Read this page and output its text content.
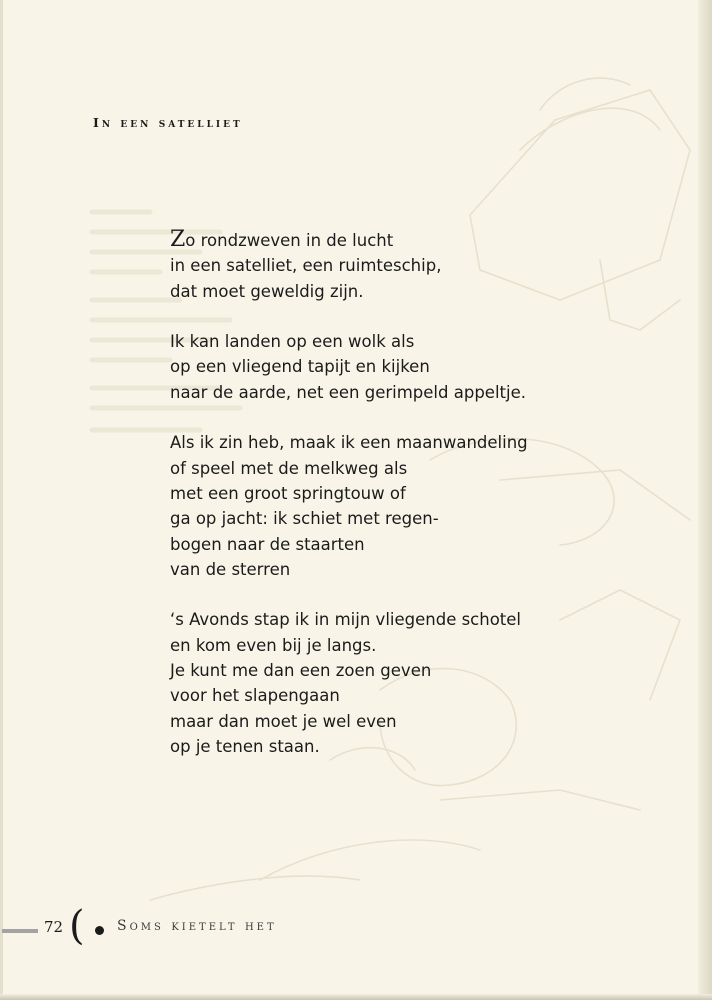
In een satelliet

Zo rondzweven in de lucht
in een satelliet, een ruimteschip,
dat moet geweldig zijn.

Ik kan landen op een wolk als
op een vliegend tapijt en kijken
naar de aarde, net een gerimpeld appeltje.

Als ik zin heb, maak ik een maanwandeling
of speel met de melkweg als
met een groot springtouw of
ga op jacht: ik schiet met regen-
bogen naar de staarten
van de sterren

‘s Avonds stap ik in mijn vliegende schotel
en kom even bij je langs.
Je kunt me dan een zoen geven
voor het slapengaan
maar dan moet je wel even
op je tenen staan.

72 ( Soms kietelt het
